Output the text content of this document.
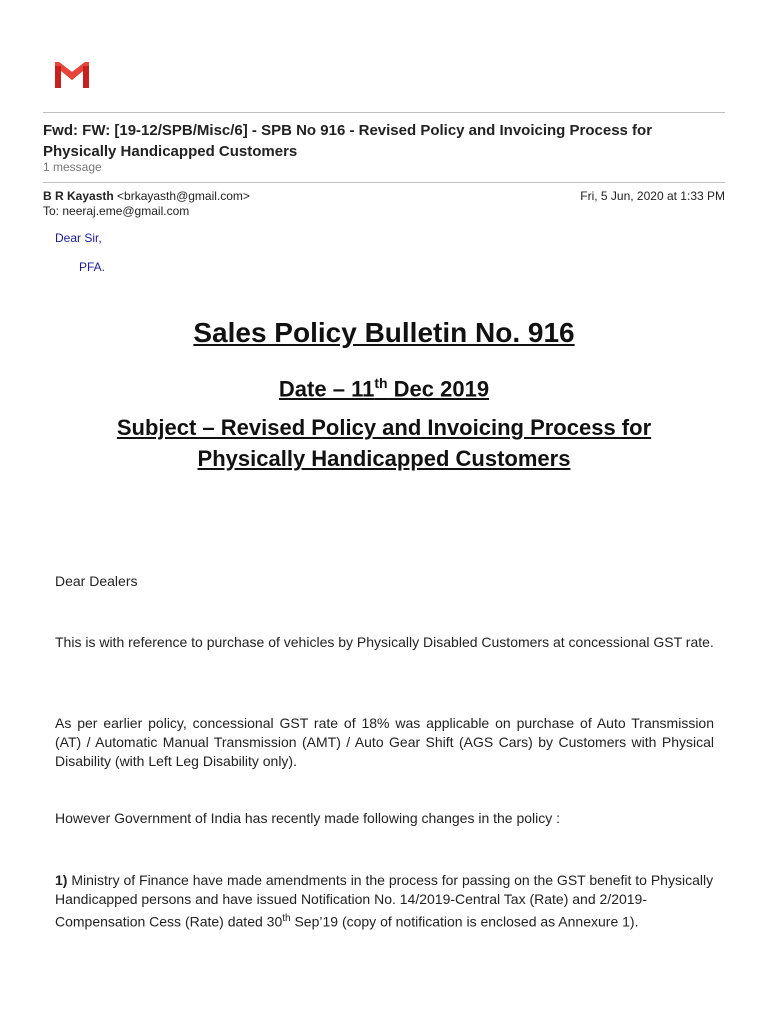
Fwd: FW: [19-12/SPB/Misc/6] - SPB No 916 - Revised Policy and Invoicing Process for Physically Handicapped Customers
1 message
B R Kayasth <brkayasth@gmail.com>	Fri, 5 Jun, 2020 at 1:33 PM
To: neeraj.eme@gmail.com
Dear Sir,
PFA.
Sales Policy Bulletin No. 916
Date – 11th Dec 2019
Subject – Revised Policy and Invoicing Process for
Physically Handicapped Customers

Dear Dealers

This is with reference to purchase of vehicles by Physically Disabled Customers at concessional GST rate.

As per earlier policy, concessional GST rate of 18% was applicable on purchase of Auto Transmission (AT) / Automatic Manual Transmission (AMT) / Auto Gear Shift (AGS Cars) by Customers with Physical Disability (with Left Leg Disability only).

However Government of India has recently made following changes in the policy :

1) Ministry of Finance have made amendments in the process for passing on the GST benefit to Physically Handicapped persons and have issued Notification No. 14/2019-Central Tax (Rate) and 2/2019-Compensation Cess (Rate) dated 30th Sep’19 (copy of notification is enclosed as Annexure 1).
